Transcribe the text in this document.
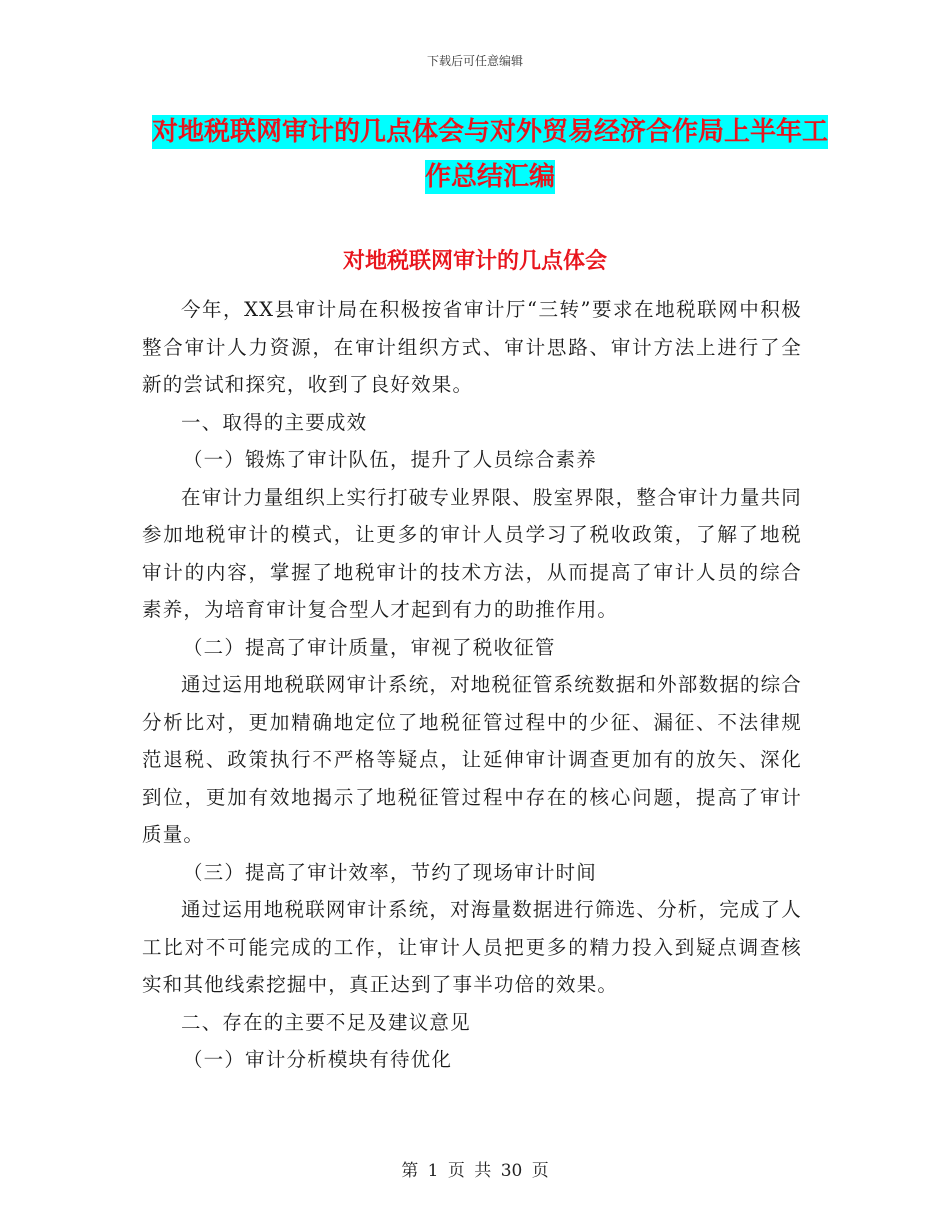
下载后可任意编辑
对地税联网审计的几点体会与对外贸易经济合作局上半年工作总结汇编
对地税联网审计的几点体会

今年，XX县审计局在积极按省审计厅“三转”要求在地税联网中积极整合审计人力资源，在审计组织方式、审计思路、审计方法上进行了全新的尝试和探究，收到了良好效果。

一、取得的主要成效

（一）锻炼了审计队伍，提升了人员综合素养

在审计力量组织上实行打破专业界限、股室界限，整合审计力量共同参加地税审计的模式，让更多的审计人员学习了税收政策，了解了地税审计的内容，掌握了地税审计的技术方法，从而提高了审计人员的综合素养，为培育审计复合型人才起到有力的助推作用。

（二）提高了审计质量，审视了税收征管

通过运用地税联网审计系统，对地税征管系统数据和外部数据的综合分析比对，更加精确地定位了地税征管过程中的少征、漏征、不法律规范退税、政策执行不严格等疑点，让延伸审计调查更加有的放矢、深化到位，更加有效地揭示了地税征管过程中存在的核心问题，提高了审计质量。

（三）提高了审计效率，节约了现场审计时间

通过运用地税联网审计系统，对海量数据进行筛选、分析，完成了人工比对不可能完成的工作，让审计人员把更多的精力投入到疑点调查核实和其他线索挖掘中，真正达到了事半功倍的效果。

二、存在的主要不足及建议意见

（一）审计分析模块有待优化

第 1 页 共 30 页
